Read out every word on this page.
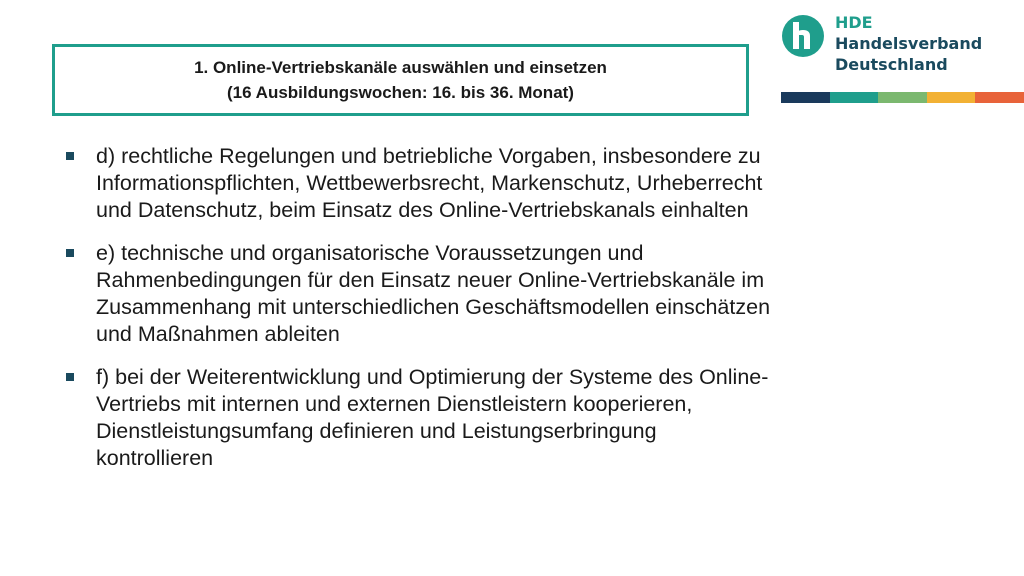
1. Online-Vertriebskanäle auswählen und einsetzen
(16 Ausbildungswochen: 16. bis 36. Monat)
HDE
Handelsverband
Deutschland
d) rechtliche Regelungen und betriebliche Vorgaben, insbesondere zu
Informationspflichten, Wettbewerbsrecht, Markenschutz, Urheberrecht
und Datenschutz, beim Einsatz des Online-Vertriebskanals einhalten
e) technische und organisatorische Voraussetzungen und
Rahmenbedingungen für den Einsatz neuer Online-Vertriebskanäle im
Zusammenhang mit unterschiedlichen Geschäftsmodellen einschätzen
und Maßnahmen ableiten
f) bei der Weiterentwicklung und Optimierung der Systeme des Online-
Vertriebs mit internen und externen Dienstleistern kooperieren,
Dienstleistungsumfang definieren und Leistungserbringung
kontrollieren
